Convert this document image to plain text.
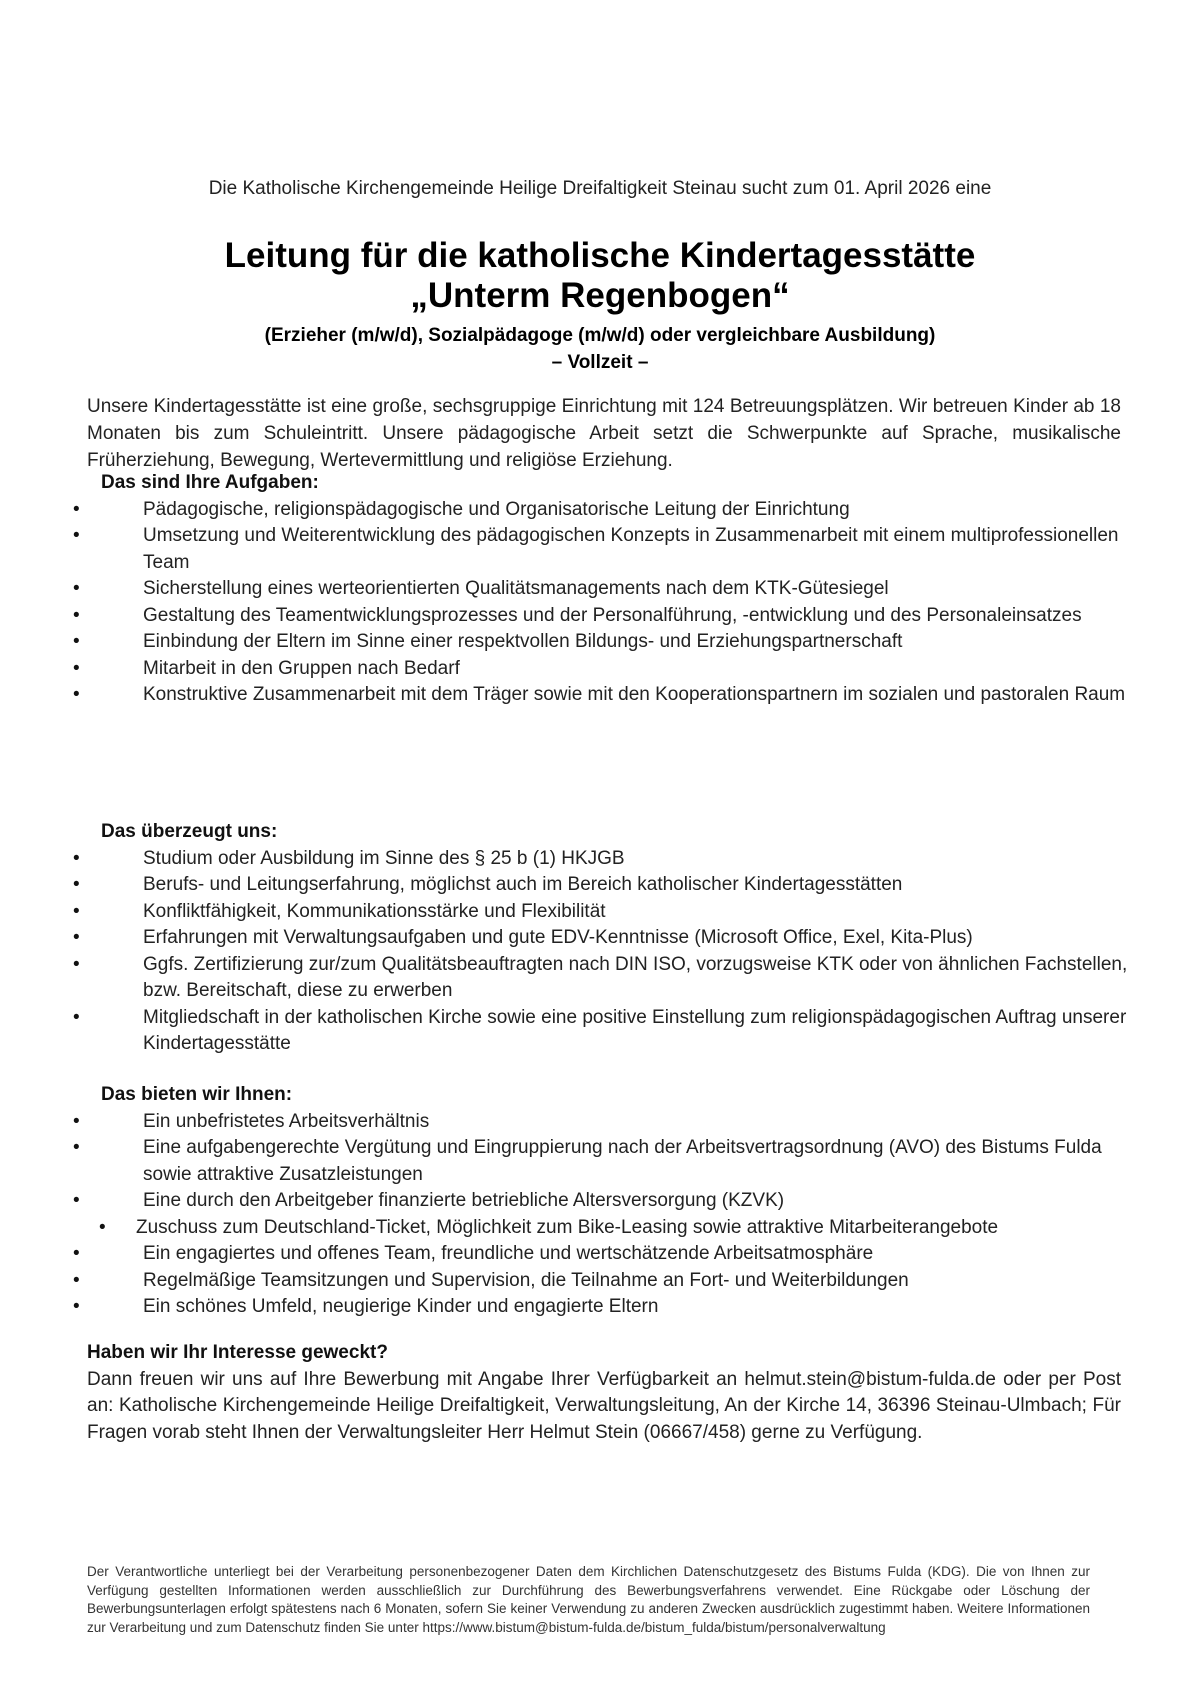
Die Katholische Kirchengemeinde Heilige Dreifaltigkeit Steinau sucht zum 01. April 2026 eine
Leitung für die katholische Kindertagesstätte
„Unterm Regenbogen“
(Erzieher (m/w/d), Sozialpädagoge (m/w/d) oder vergleichbare Ausbildung)
– Vollzeit –
Unsere Kindertagesstätte ist eine große, sechsgruppige Einrichtung mit 124 Betreuungsplätzen. Wir betreuen Kinder ab 18 Monaten bis zum Schuleintritt. Unsere pädagogische Arbeit setzt die Schwerpunkte auf Sprache, musikalische Früherziehung, Bewegung, Wertevermittlung und religiöse Erziehung.
Das sind Ihre Aufgaben:
•	Pädagogische, religionspädagogische und Organisatorische Leitung der Einrichtung
•	Umsetzung und Weiterentwicklung des pädagogischen Konzepts in Zusammenarbeit mit einem multiprofessionellen Team
•	Sicherstellung eines werteorientierten Qualitätsmanagements nach dem KTK-Gütesiegel
•	Gestaltung des Teamentwicklungsprozesses und der Personalführung, -entwicklung und des Personaleinsatzes
•	Einbindung der Eltern im Sinne einer respektvollen Bildungs- und Erziehungspartnerschaft
•	Mitarbeit in den Gruppen nach Bedarf
•	Konstruktive Zusammenarbeit mit dem Träger sowie mit den Kooperationspartnern im sozialen und pastoralen Raum
Das überzeugt uns:
•	Studium oder Ausbildung im Sinne des § 25 b (1) HKJGB
•	Berufs- und Leitungserfahrung, möglichst auch im Bereich katholischer Kindertagesstätten
•	Konfliktfähigkeit, Kommunikationsstärke und Flexibilität
•	Erfahrungen mit Verwaltungsaufgaben und gute EDV-Kenntnisse (Microsoft Office, Exel, Kita-Plus)
•	Ggfs. Zertifizierung zur/zum Qualitätsbeauftragten nach DIN ISO, vorzugsweise KTK oder von ähnlichen Fachstellen, bzw. Bereitschaft, diese zu erwerben
•	Mitgliedschaft in der katholischen Kirche sowie eine positive Einstellung zum religionspädagogischen Auftrag unserer Kindertagesstätte
Das bieten wir Ihnen:
•	Ein unbefristetes Arbeitsverhältnis
•	Eine aufgabengerechte Vergütung und Eingruppierung nach der Arbeitsvertragsordnung (AVO) des Bistums Fulda sowie attraktive Zusatzleistungen
•	Eine durch den Arbeitgeber finanzierte betriebliche Altersversorgung (KZVK)
• Zuschuss zum Deutschland-Ticket, Möglichkeit zum Bike-Leasing sowie attraktive Mitarbeiterangebote
•	Ein engagiertes und offenes Team, freundliche und wertschätzende Arbeitsatmosphäre
•	Regelmäßige Teamsitzungen und Supervision, die Teilnahme an Fort- und Weiterbildungen
•	Ein schönes Umfeld, neugierige Kinder und engagierte Eltern
Haben wir Ihr Interesse geweckt?
Dann freuen wir uns auf Ihre Bewerbung mit Angabe Ihrer Verfügbarkeit an helmut.stein@bistum-fulda.de oder per Post an: Katholische Kirchengemeinde Heilige Dreifaltigkeit, Verwaltungsleitung, An der Kirche 14, 36396 Steinau-Ulmbach; Für Fragen vorab steht Ihnen der Verwaltungsleiter Herr Helmut Stein (06667/458) gerne zu Verfügung.
Der Verantwortliche unterliegt bei der Verarbeitung personenbezogener Daten dem Kirchlichen Datenschutzgesetz des Bistums Fulda (KDG). Die von Ihnen zur Verfügung gestellten Informationen werden ausschließlich zur Durchführung des Bewerbungsverfahrens verwendet. Eine Rückgabe oder Löschung der Bewerbungsunterlagen erfolgt spätestens nach 6 Monaten, sofern Sie keiner Verwendung zu anderen Zwecken ausdrücklich zugestimmt haben. Weitere Informationen zur Verarbeitung und zum Datenschutz finden Sie unter https://www.bistum@bistum-fulda.de/bistum_fulda/bistum/personalverwaltung
